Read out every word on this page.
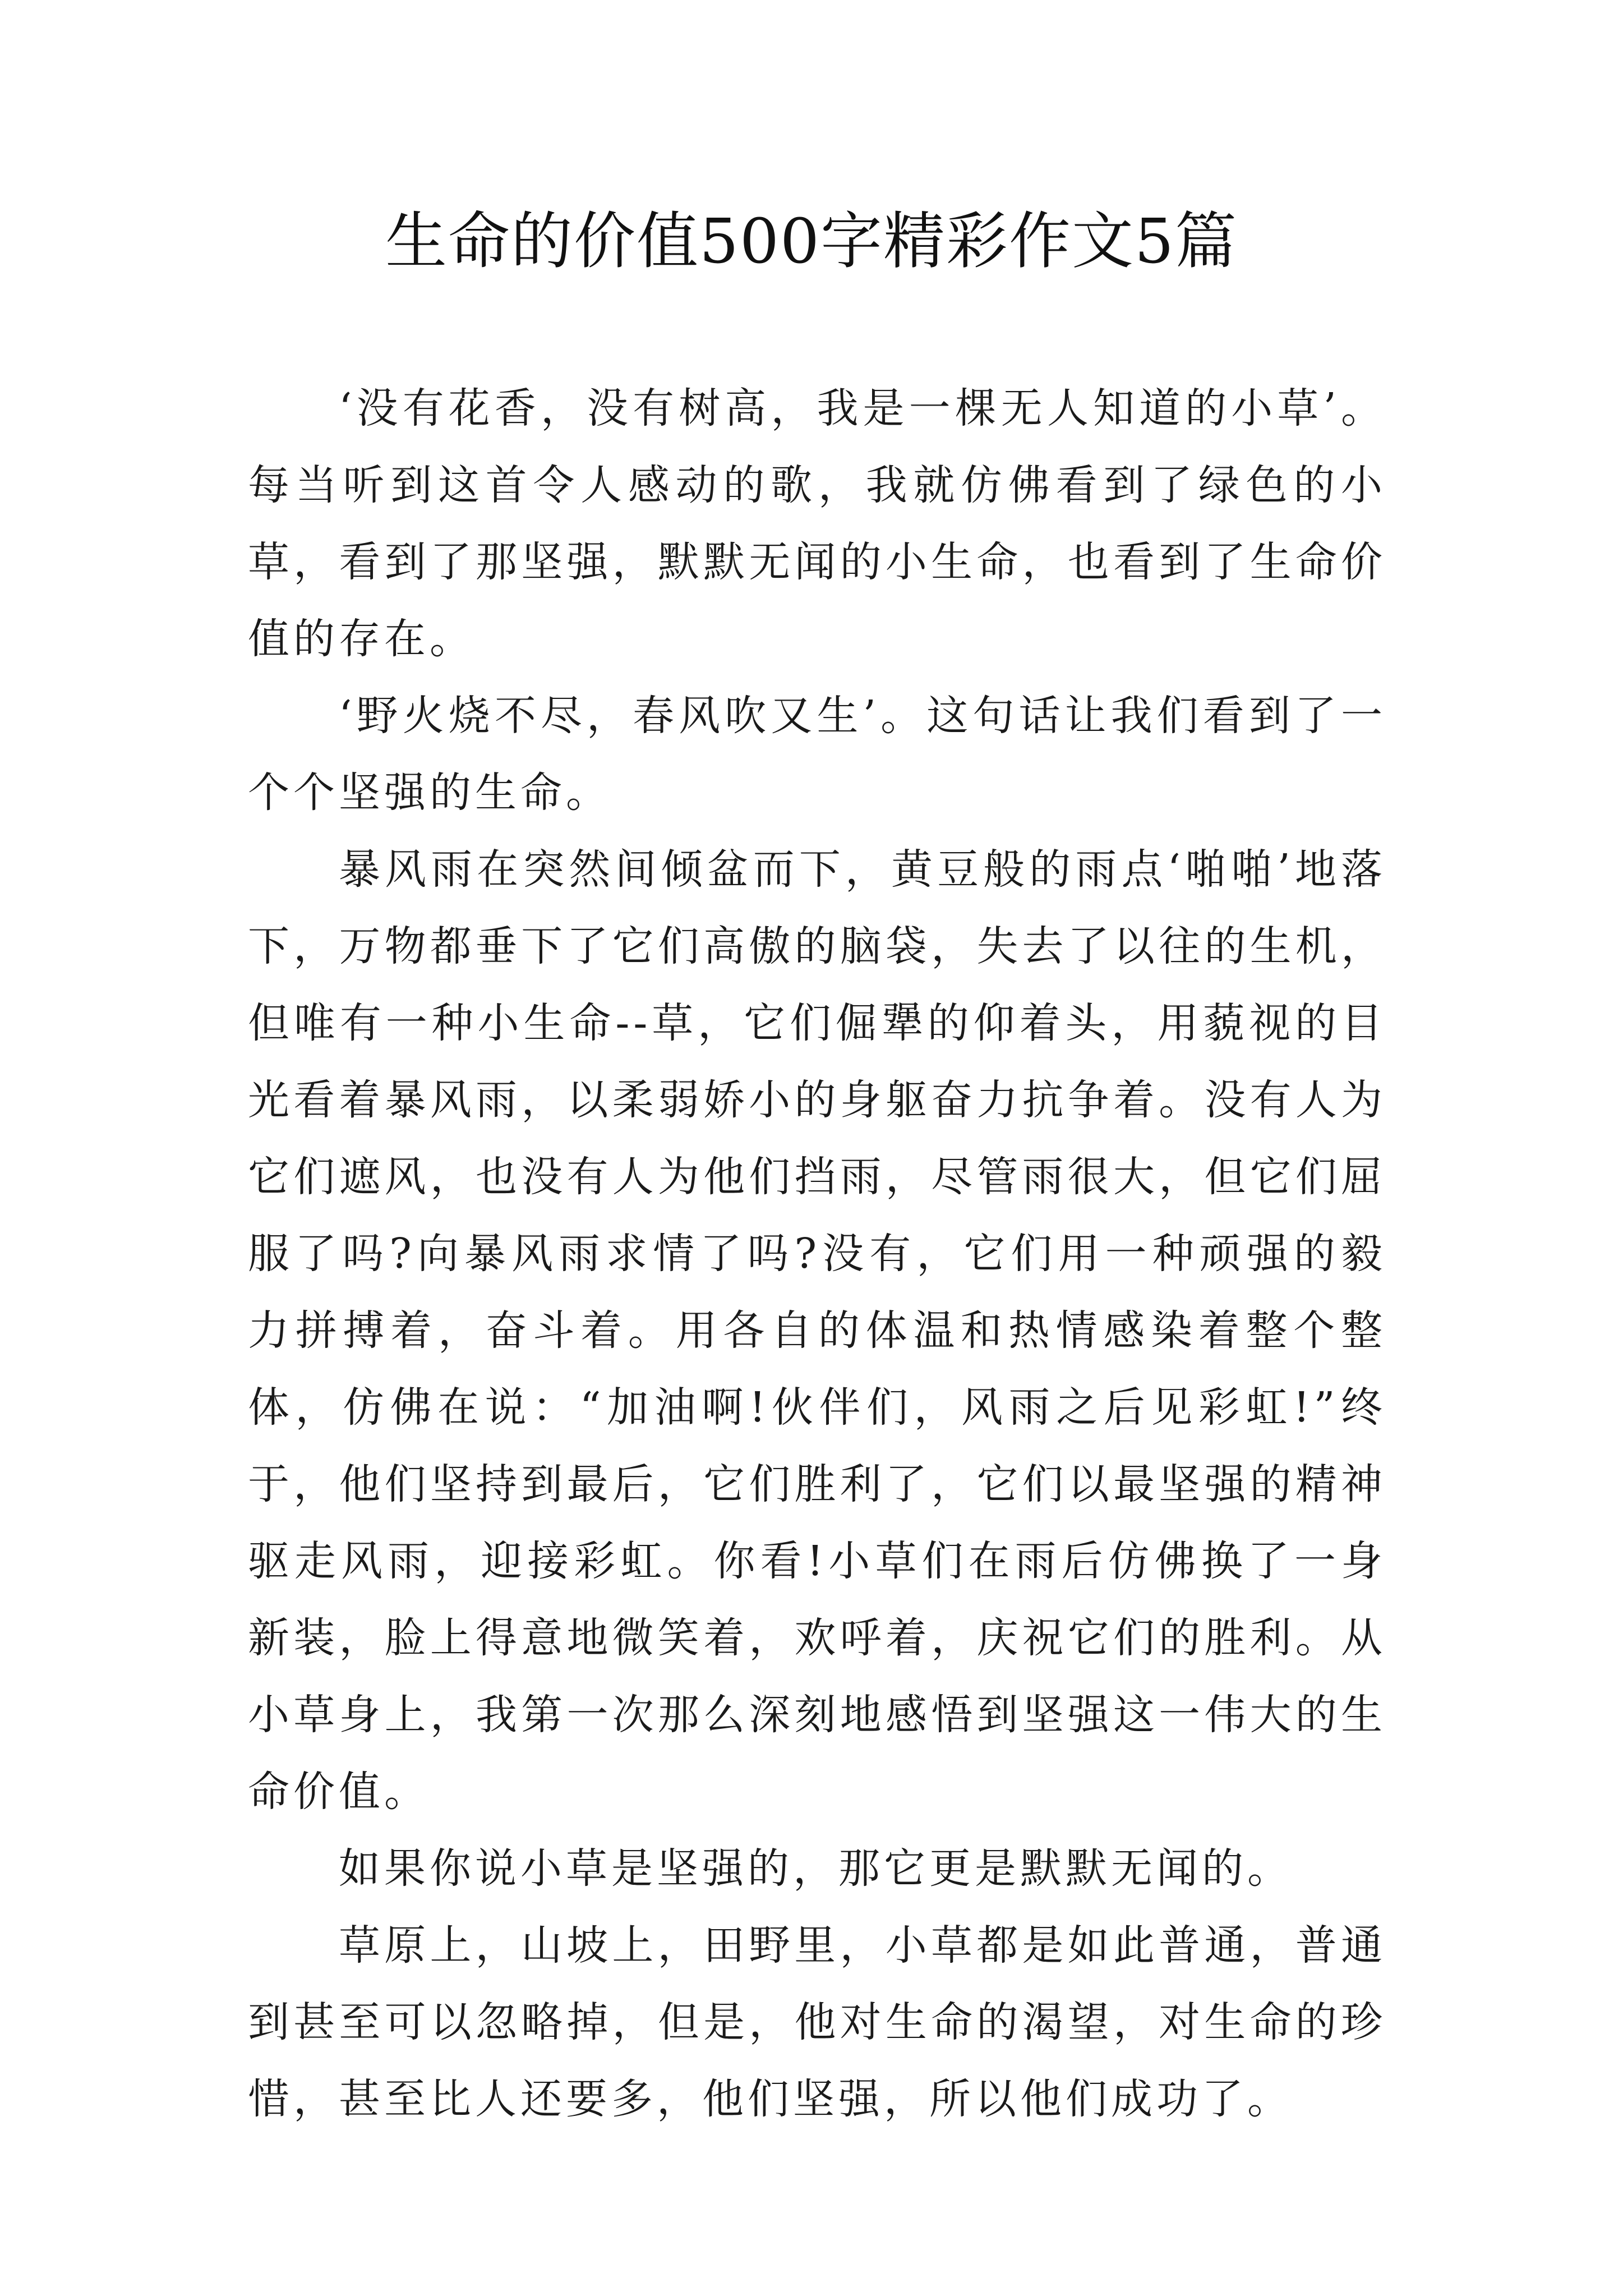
生命的价值500字精彩作文5篇

‘没有花香，没有树高，我是一棵无人知道的小草’。每当听到这首令人感动的歌，我就仿佛看到了绿色的小草，看到了那坚强，默默无闻的小生命，也看到了生命价值的存在。

‘野火烧不尽，春风吹又生’。这句话让我们看到了一个个坚强的生命。

暴风雨在突然间倾盆而下，黄豆般的雨点‘啪啪’地落下，万物都垂下了它们高傲的脑袋，失去了以往的生机，但唯有一种小生命--草，它们倔犟的仰着头，用藐视的目光看着暴风雨，以柔弱娇小的身躯奋力抗争着。没有人为它们遮风，也没有人为他们挡雨，尽管雨很大，但它们屈服了吗?向暴风雨求情了吗?没有，它们用一种顽强的毅力拼搏着，奋斗着。用各自的体温和热情感染着整个整体，仿佛在说：“加油啊!伙伴们，风雨之后见彩虹!”终于，他们坚持到最后，它们胜利了，它们以最坚强的精神驱走风雨，迎接彩虹。你看!小草们在雨后仿佛换了一身新装，脸上得意地微笑着，欢呼着，庆祝它们的胜利。从小草身上，我第一次那么深刻地感悟到坚强这一伟大的生命价值。

如果你说小草是坚强的，那它更是默默无闻的。

草原上，山坡上，田野里，小草都是如此普通，普通到甚至可以忽略掉，但是，他对生命的渴望，对生命的珍惜，甚至比人还要多，他们坚强，所以他们成功了。
